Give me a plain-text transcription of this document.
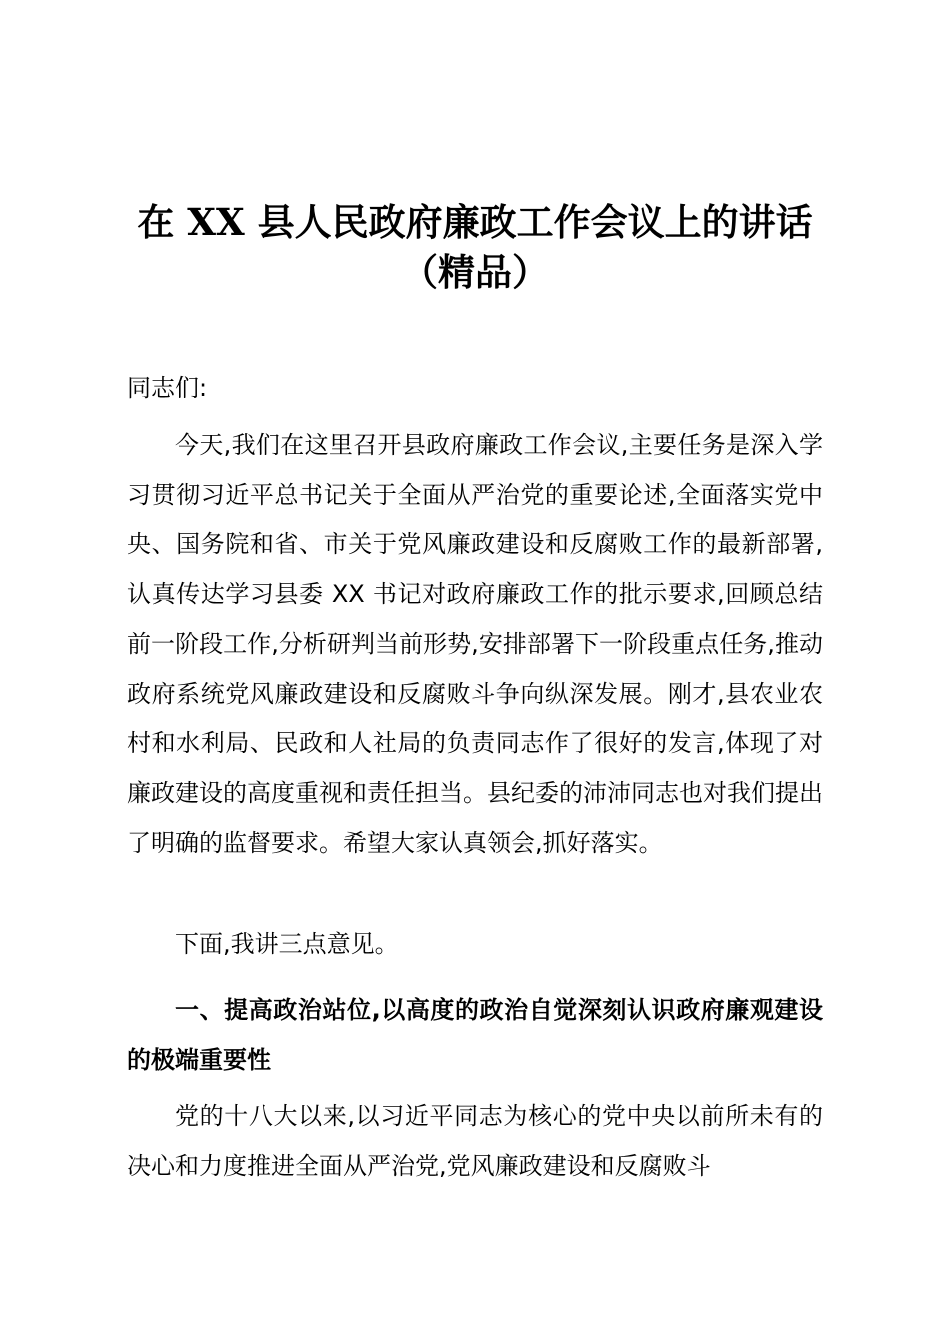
在 XX 县人民政府廉政工作会议上的讲话
（精品）

同志们:

今天,我们在这里召开县政府廉政工作会议,主要任务是深入学习贯彻习近平总书记关于全面从严治党的重要论述,全面落实党中央、国务院和省、市关于党风廉政建设和反腐败工作的最新部署,认真传达学习县委 XX 书记对政府廉政工作的批示要求,回顾总结前一阶段工作,分析研判当前形势,安排部署下一阶段重点任务,推动政府系统党风廉政建设和反腐败斗争向纵深发展。刚才,县农业农村和水利局、民政和人社局的负责同志作了很好的发言,体现了对廉政建设的高度重视和责任担当。县纪委的沛沛同志也对我们提出了明确的监督要求。希望大家认真领会,抓好落实。

下面,我讲三点意见。

一、提高政治站位,以高度的政治自觉深刻认识政府廉观建设的极端重要性

党的十八大以来,以习近平同志为核心的党中央以前所未有的决心和力度推进全面从严治党,党风廉政建设和反腐败斗
